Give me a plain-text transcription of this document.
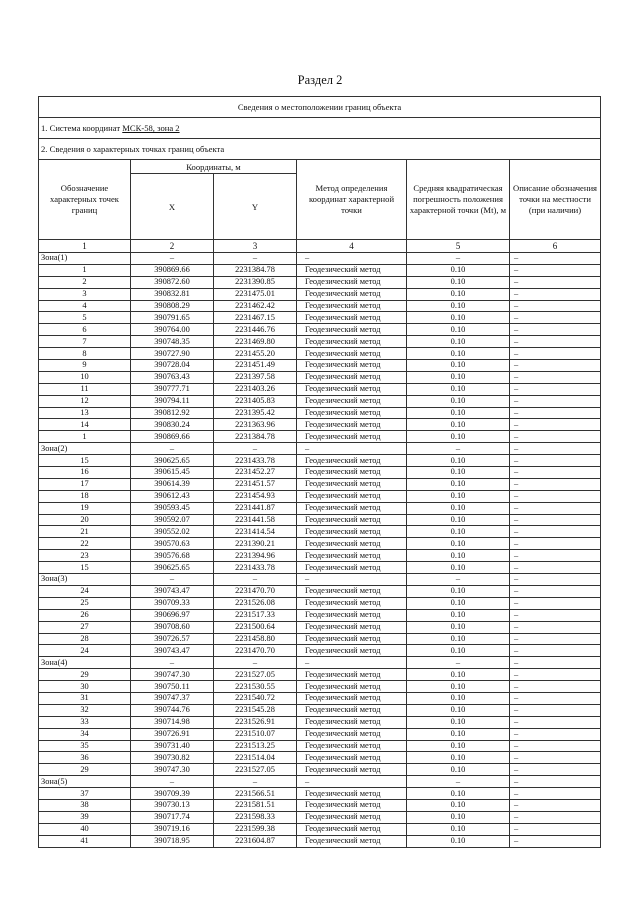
Раздел 2
Сведения о местоположении границ объекта					
1. Система координат МСК-58, зона 2					
2. Сведения о характерных точках границ объекта					
Обозначение характерных точек границ	Координаты, м		Метод определения координат характерной точки	Средняя квадратическая погрешность положения характерной точки (Mt), м	Описание обозначения точки на местности (при наличии)
	X	Y			
1	2	3	4	5	6
Зона(1)	–	–	–	–	–
1	390869.66	2231384.78	Геодезический метод	0.10	–
2	390872.60	2231390.85	Геодезический метод	0.10	–
3	390832.81	2231475.01	Геодезический метод	0.10	–
4	390808.29	2231462.42	Геодезический метод	0.10	–
5	390791.65	2231467.15	Геодезический метод	0.10	–
6	390764.00	2231446.76	Геодезический метод	0.10	–
7	390748.35	2231469.80	Геодезический метод	0.10	–
8	390727.90	2231455.20	Геодезический метод	0.10	–
9	390728.04	2231451.49	Геодезический метод	0.10	–
10	390763.43	2231397.58	Геодезический метод	0.10	–
11	390777.71	2231403.26	Геодезический метод	0.10	–
12	390794.11	2231405.83	Геодезический метод	0.10	–
13	390812.92	2231395.42	Геодезический метод	0.10	–
14	390830.24	2231363.96	Геодезический метод	0.10	–
1	390869.66	2231384.78	Геодезический метод	0.10	–
Зона(2)	–	–	–	–	–
15	390625.65	2231433.78	Геодезический метод	0.10	–
16	390615.45	2231452.27	Геодезический метод	0.10	–
17	390614.39	2231451.57	Геодезический метод	0.10	–
18	390612.43	2231454.93	Геодезический метод	0.10	–
19	390593.45	2231441.87	Геодезический метод	0.10	–
20	390592.07	2231441.58	Геодезический метод	0.10	–
21	390552.02	2231414.54	Геодезический метод	0.10	–
22	390570.63	2231390.21	Геодезический метод	0.10	–
23	390576.68	2231394.96	Геодезический метод	0.10	–
15	390625.65	2231433.78	Геодезический метод	0.10	–
Зона(3)	–	–	–	–	–
24	390743.47	2231470.70	Геодезический метод	0.10	–
25	390709.33	2231526.08	Геодезический метод	0.10	–
26	390696.97	2231517.33	Геодезический метод	0.10	–
27	390708.60	2231500.64	Геодезический метод	0.10	–
28	390726.57	2231458.80	Геодезический метод	0.10	–
24	390743.47	2231470.70	Геодезический метод	0.10	–
Зона(4)	–	–	–	–	–
29	390747.30	2231527.05	Геодезический метод	0.10	–
30	390750.11	2231530.55	Геодезический метод	0.10	–
31	390747.37	2231540.72	Геодезический метод	0.10	–
32	390744.76	2231545.28	Геодезический метод	0.10	–
33	390714.98	2231526.91	Геодезический метод	0.10	–
34	390726.91	2231510.07	Геодезический метод	0.10	–
35	390731.40	2231513.25	Геодезический метод	0.10	–
36	390730.82	2231514.04	Геодезический метод	0.10	–
29	390747.30	2231527.05	Геодезический метод	0.10	–
Зона(5)	–	–	–	–	–
37	390709.39	2231566.51	Геодезический метод	0.10	–
38	390730.13	2231581.51	Геодезический метод	0.10	–
39	390717.74	2231598.33	Геодезический метод	0.10	–
40	390719.16	2231599.38	Геодезический метод	0.10	–
41	390718.95	2231604.87	Геодезический метод	0.10	–
